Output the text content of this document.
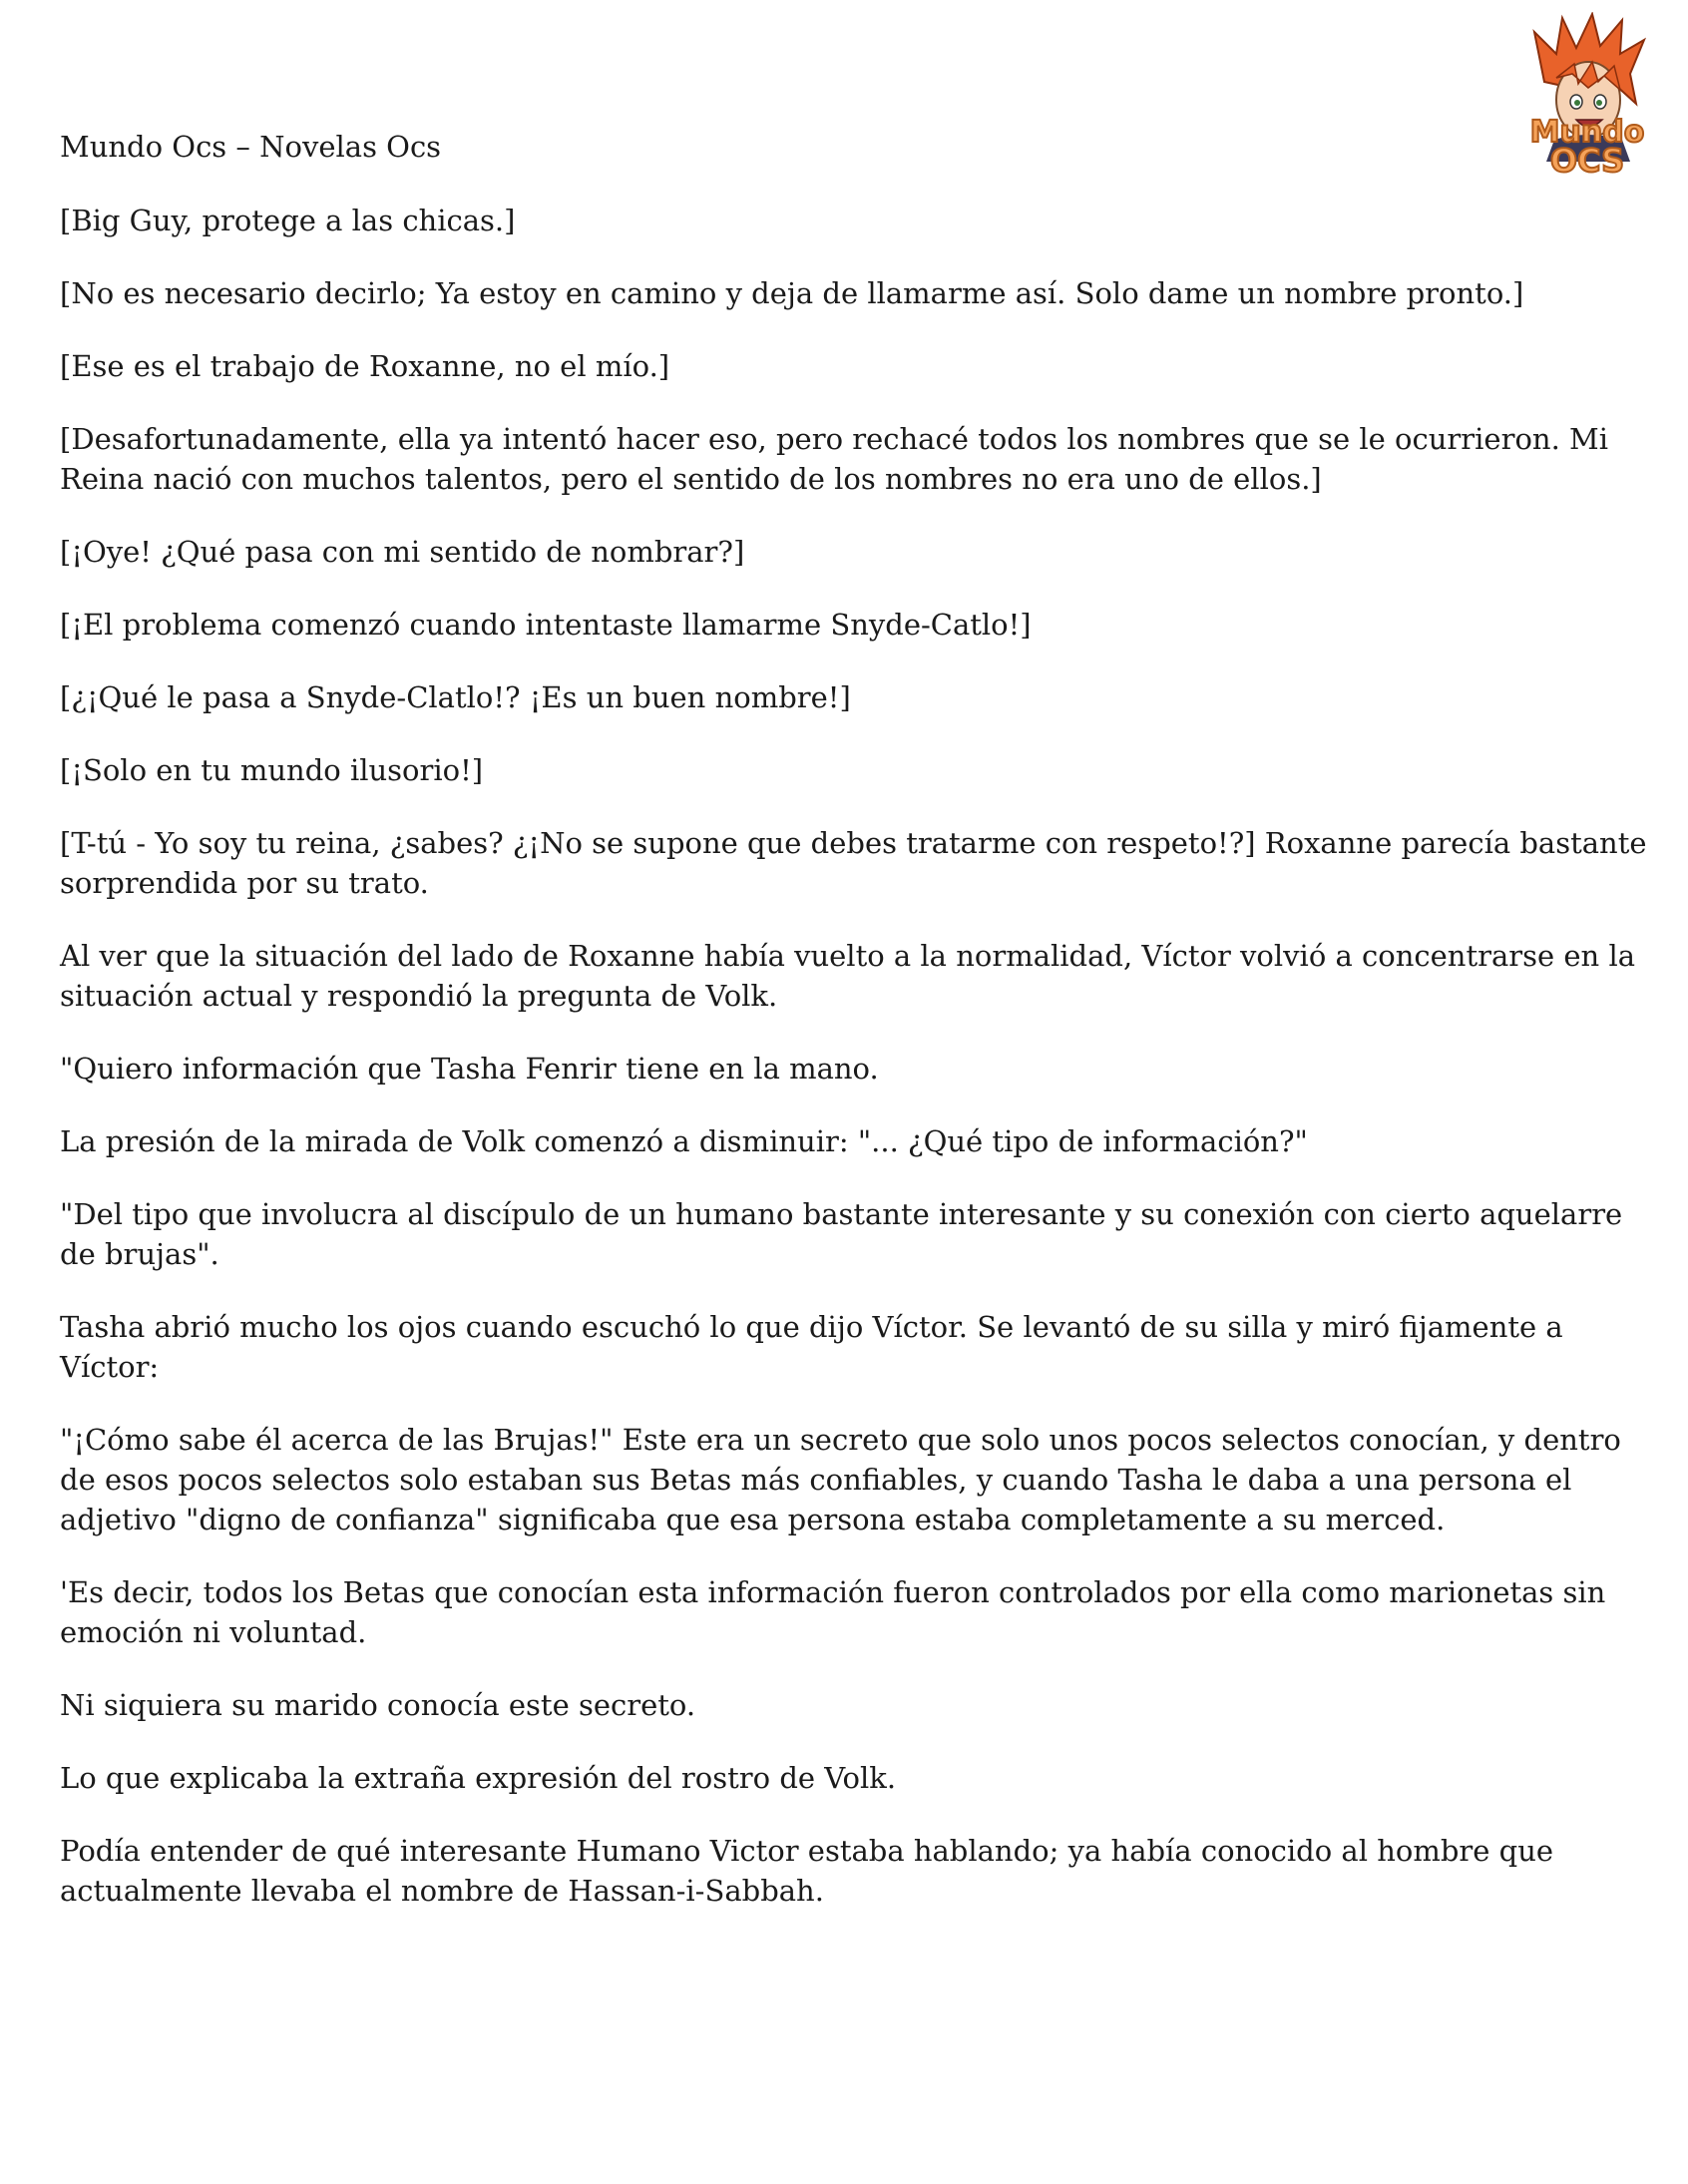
Mundo
OCS
Mundo Ocs – Novelas Ocs

[Big Guy, protege a las chicas.]

[No es necesario decirlo; Ya estoy en camino y deja de llamarme así. Solo dame un nombre pronto.]

[Ese es el trabajo de Roxanne, no el mío.]

[Desafortunadamente, ella ya intentó hacer eso, pero rechacé todos los nombres que se le ocurrieron. Mi Reina nació con muchos talentos, pero el sentido de los nombres no era uno de ellos.]

[¡Oye! ¿Qué pasa con mi sentido de nombrar?]

[¡El problema comenzó cuando intentaste llamarme Snyde-Catlo!]

[¿¡Qué le pasa a Snyde-Clatlo!? ¡Es un buen nombre!]

[¡Solo en tu mundo ilusorio!]

[T-tú - Yo soy tu reina, ¿sabes? ¿¡No se supone que debes tratarme con respeto!?] Roxanne parecía bastante sorprendida por su trato.

Al ver que la situación del lado de Roxanne había vuelto a la normalidad, Víctor volvió a concentrarse en la situación actual y respondió la pregunta de Volk.

"Quiero información que Tasha Fenrir tiene en la mano.

La presión de la mirada de Volk comenzó a disminuir: "... ¿Qué tipo de información?"

"Del tipo que involucra al discípulo de un humano bastante interesante y su conexión con cierto aquelarre de brujas".

Tasha abrió mucho los ojos cuando escuchó lo que dijo Víctor. Se levantó de su silla y miró fijamente a Víctor:

"¡Cómo sabe él acerca de las Brujas!" Este era un secreto que solo unos pocos selectos conocían, y dentro de esos pocos selectos solo estaban sus Betas más confiables, y cuando Tasha le daba a una persona el adjetivo "digno de confianza" significaba que esa persona estaba completamente a su merced.

'Es decir, todos los Betas que conocían esta información fueron controlados por ella como marionetas sin emoción ni voluntad.

Ni siquiera su marido conocía este secreto.

Lo que explicaba la extraña expresión del rostro de Volk.

Podía entender de qué interesante Humano Victor estaba hablando; ya había conocido al hombre que actualmente llevaba el nombre de Hassan-i-Sabbah.
